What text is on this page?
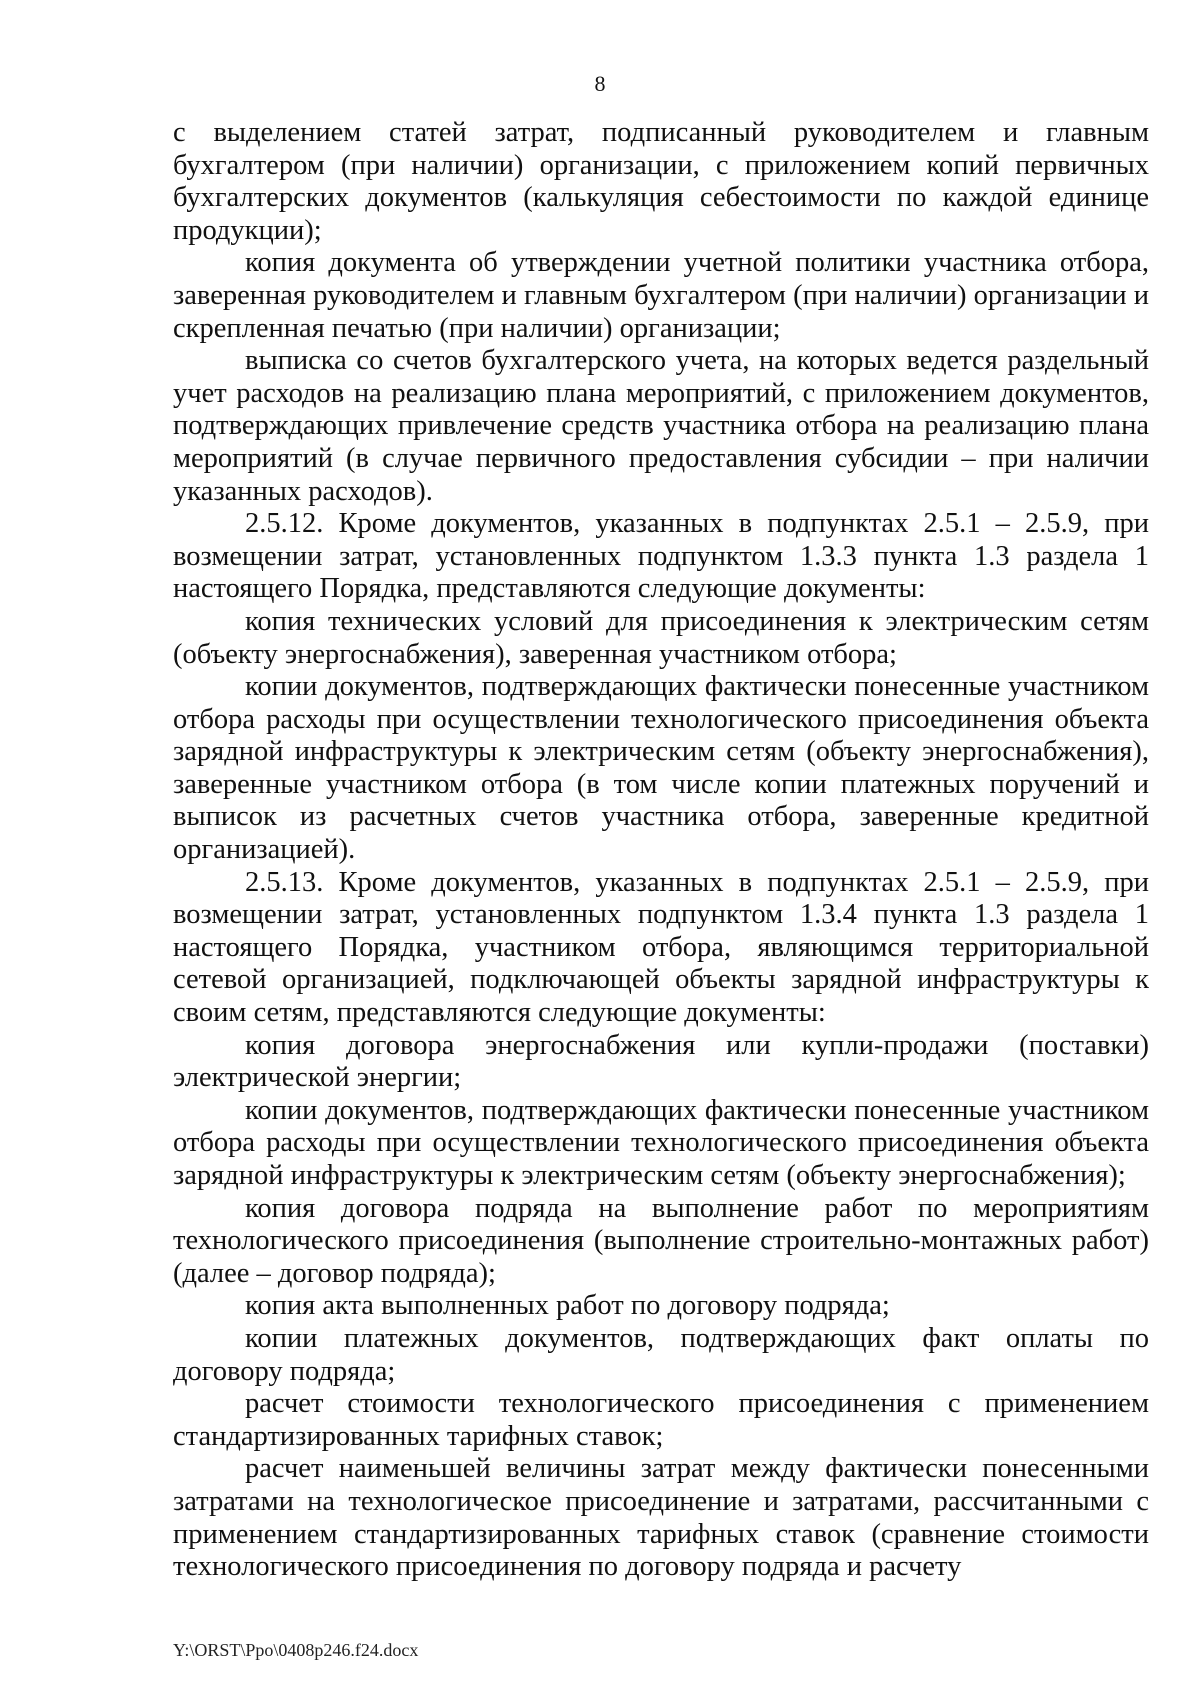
8

с выделением статей затрат, подписанный руководителем и главным бухгалтером (при наличии) организации, с приложением копий первичных бухгалтерских документов (калькуляция себестоимости по каждой единице продукции);

копия документа об утверждении учетной политики участника отбора, заверенная руководителем и главным бухгалтером (при наличии) организации и скрепленная печатью (при наличии) организации;

выписка со счетов бухгалтерского учета, на которых ведется раздельный учет расходов на реализацию плана мероприятий, с приложением документов, подтверждающих привлечение средств участника отбора на реализацию плана мероприятий (в случае первичного предоставления субсидии – при наличии указанных расходов).

2.5.12. Кроме документов, указанных в подпунктах 2.5.1 – 2.5.9, при возмещении затрат, установленных подпунктом 1.3.3 пункта 1.3 раздела 1 настоящего Порядка, представляются следующие документы:

копия технических условий для присоединения к электрическим сетям (объекту энергоснабжения), заверенная участником отбора;

копии документов, подтверждающих фактически понесенные участником отбора расходы при осуществлении технологического присоединения объекта зарядной инфраструктуры к электрическим сетям (объекту энергоснабжения), заверенные участником отбора (в том числе копии платежных поручений и выписок из расчетных счетов участника отбора, заверенные кредитной организацией).

2.5.13. Кроме документов, указанных в подпунктах 2.5.1 – 2.5.9, при возмещении затрат, установленных подпунктом 1.3.4 пункта 1.3 раздела 1 настоящего Порядка, участником отбора, являющимся территориальной сетевой организацией, подключающей объекты зарядной инфраструктуры к своим сетям, представляются следующие документы:

копия договора энергоснабжения или купли-продажи (поставки) электрической энергии;

копии документов, подтверждающих фактически понесенные участником отбора расходы при осуществлении технологического присоединения объекта зарядной инфраструктуры к электрическим сетям (объекту энергоснабжения);

копия договора подряда на выполнение работ по мероприятиям технологического присоединения (выполнение строительно-монтажных работ) (далее – договор подряда);

копия акта выполненных работ по договору подряда;

копии платежных документов, подтверждающих факт оплаты по договору подряда;

расчет стоимости технологического присоединения с применением стандартизированных тарифных ставок;

расчет наименьшей величины затрат между фактически понесенными затратами на технологическое присоединение и затратами, рассчитанными с применением стандартизированных тарифных ставок (сравнение стоимости технологического присоединения по договору подряда и расчету

Y:\ORST\Ppo\0408p246.f24.docx
